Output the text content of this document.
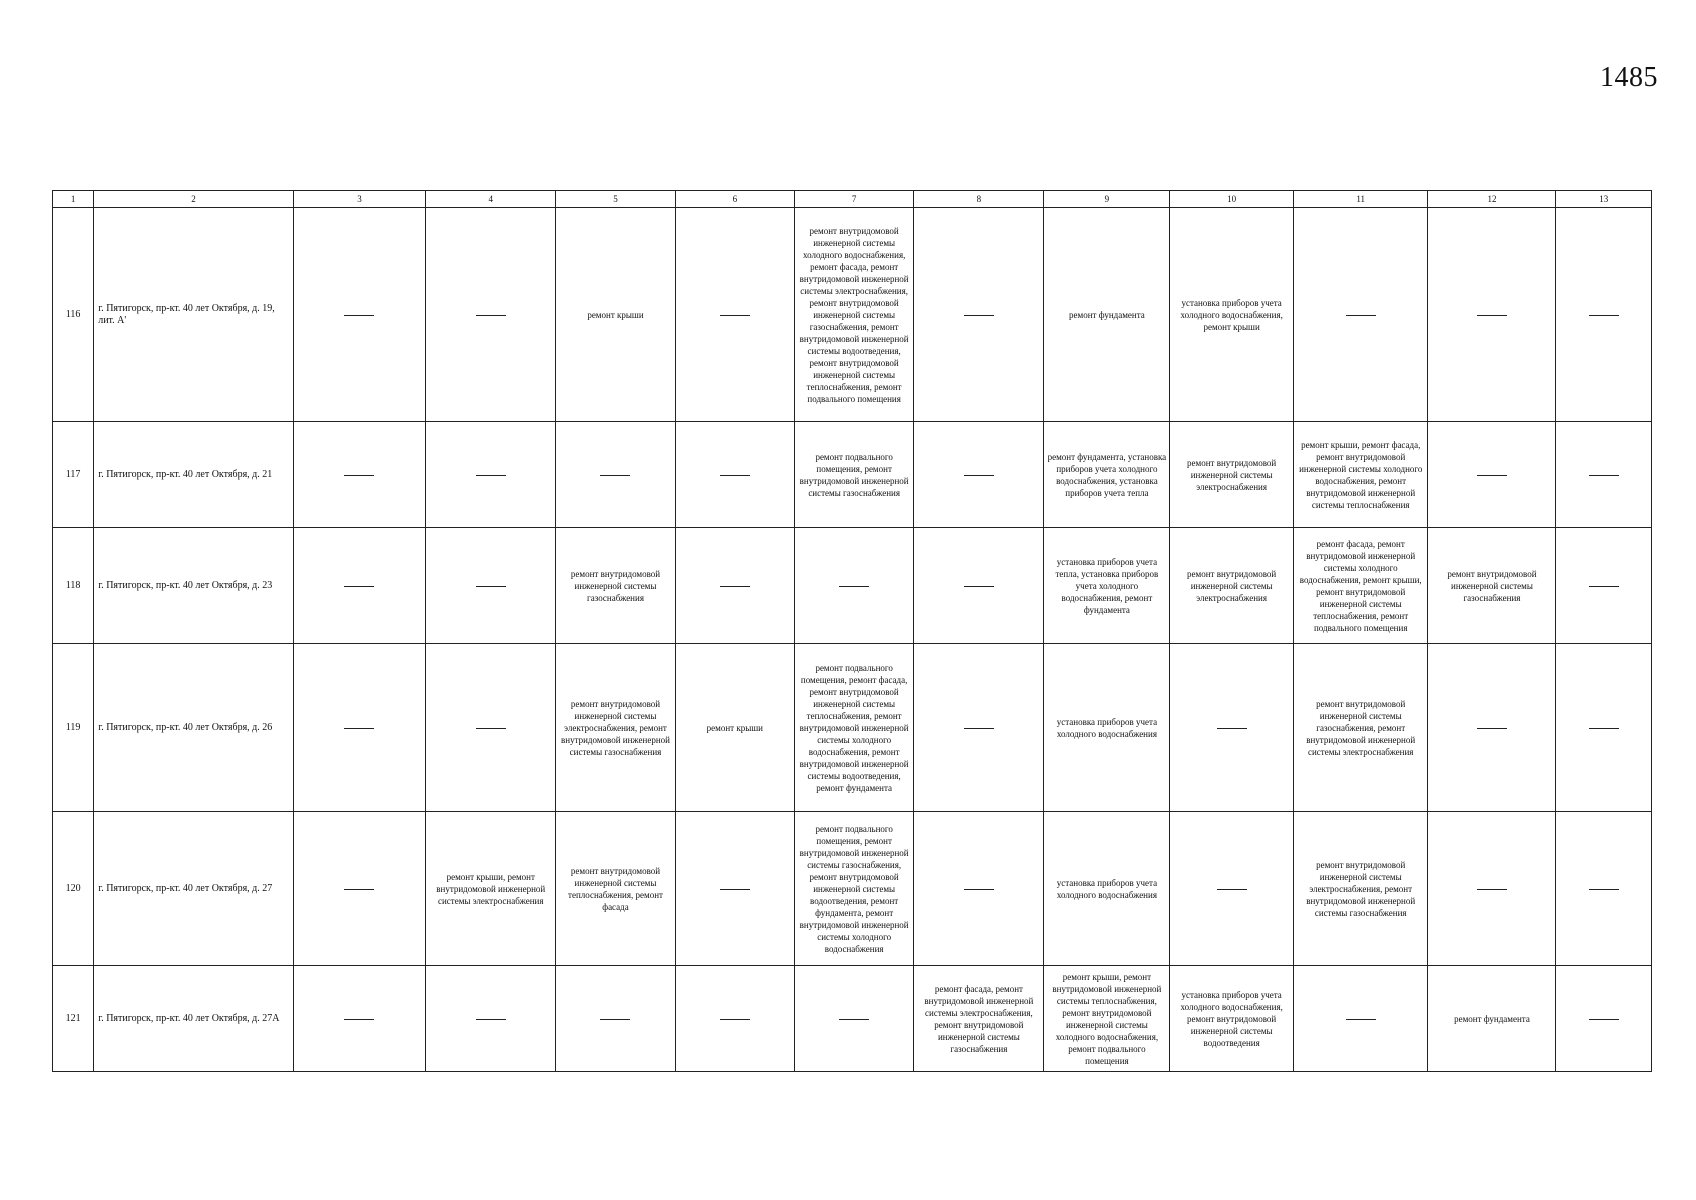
1485
1	2	3	4	5	6	7	8	9	10	11	12	13
116	г. Пятигорск, пр-кт. 40 лет Октября, д. 19, лит. А'			ремонт крыши		ремонт внутридомовой инженерной системы холодного водоснабжения, ремонт фасада, ремонт внутридомовой инженерной системы электроснабжения, ремонт внутридомовой инженерной системы газоснабжения, ремонт внутридомовой инженерной системы водоотведения, ремонт внутридомовой инженерной системы теплоснабжения, ремонт подвального помещения		ремонт фундамента	установка приборов учета холодного водоснабжения, ремонт крыши			
117	г. Пятигорск, пр-кт. 40 лет Октября, д. 21					ремонт подвального помещения, ремонт внутридомовой инженерной системы газоснабжения		ремонт фундамента, установка приборов учета холодного водоснабжения, установка приборов учета тепла	ремонт внутридомовой инженерной системы электроснабжения	ремонт крыши, ремонт фасада, ремонт внутридомовой инженерной системы холодного водоснабжения, ремонт внутридомовой инженерной системы теплоснабжения		
118	г. Пятигорск, пр-кт. 40 лет Октября, д. 23			ремонт внутридомовой инженерной системы газоснабжения				установка приборов учета тепла, установка приборов учета холодного водоснабжения, ремонт фундамента	ремонт внутридомовой инженерной системы электроснабжения	ремонт фасада, ремонт внутридомовой инженерной системы холодного водоснабжения, ремонт крыши, ремонт внутридомовой инженерной системы теплоснабжения, ремонт подвального помещения	ремонт внутридомовой инженерной системы газоснабжения	
119	г. Пятигорск, пр-кт. 40 лет Октября, д. 26			ремонт внутридомовой инженерной системы электроснабжения, ремонт внутридомовой инженерной системы газоснабжения	ремонт крыши	ремонт подвального помещения, ремонт фасада, ремонт внутридомовой инженерной системы теплоснабжения, ремонт внутридомовой инженерной системы холодного водоснабжения, ремонт внутридомовой инженерной системы водоотведения, ремонт фундамента		установка приборов учета холодного водоснабжения		ремонт внутридомовой инженерной системы газоснабжения, ремонт внутридомовой инженерной системы электроснабжения		
120	г. Пятигорск, пр-кт. 40 лет Октября, д. 27		ремонт крыши, ремонт внутридомовой инженерной системы электроснабжения	ремонт внутридомовой инженерной системы теплоснабжения, ремонт фасада		ремонт подвального помещения, ремонт внутридомовой инженерной системы газоснабжения, ремонт внутридомовой инженерной системы водоотведения, ремонт фундамента, ремонт внутридомовой инженерной системы холодного водоснабжения		установка приборов учета холодного водоснабжения		ремонт внутридомовой инженерной системы электроснабжения, ремонт внутридомовой инженерной системы газоснабжения		
121	г. Пятигорск, пр-кт. 40 лет Октября, д. 27А						ремонт фасада, ремонт внутридомовой инженерной системы электроснабжения, ремонт внутридомовой инженерной системы газоснабжения	ремонт крыши, ремонт внутридомовой инженерной системы теплоснабжения, ремонт внутридомовой инженерной системы холодного водоснабжения, ремонт подвального помещения	установка приборов учета холодного водоснабжения, ремонт внутридомовой инженерной системы водоотведения		ремонт фундамента	
